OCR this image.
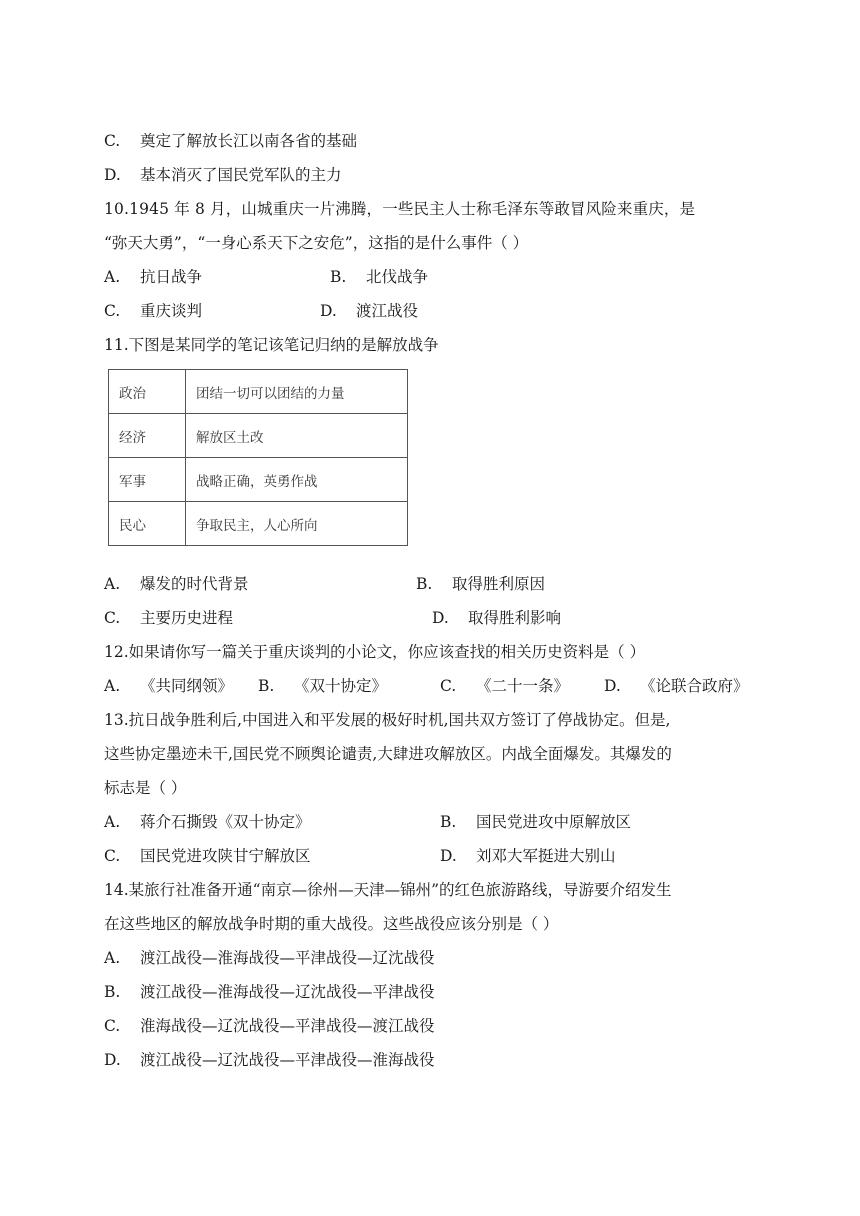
C. 奠定了解放长江以南各省的基础
D. 基本消灭了国民党军队的主力
10.1945 年 8 月，山城重庆一片沸腾，一些民主人士称毛泽东等敢冒风险来重庆，是
“弥天大勇”，“一身心系天下之安危”，这指的是什么事件（ ）
A. 抗日战争	B. 北伐战争
C. 重庆谈判	D. 渡江战役
11.下图是某同学的笔记该笔记归纳的是解放战争
政治	团结一切可以团结的力量
经济	解放区土改
军事	战略正确，英勇作战
民心	争取民主，人心所向
A. 爆发的时代背景	B. 取得胜利原因
C. 主要历史进程	D. 取得胜利影响
12.如果请你写一篇关于重庆谈判的小论文，你应该查找的相关历史资料是（ ）
A. 《共同纲领》 B. 《双十协定》	C. 《二十一条》 D. 《论联合政府》
13.抗日战争胜利后,中国进入和平发展的极好时机,国共双方签订了停战协定。但是,
这些协定墨迹未干,国民党不顾舆论谴责,大肆进攻解放区。内战全面爆发。其爆发的
标志是（ ）
A. 蒋介石撕毁《双十协定》	B. 国民党进攻中原解放区
C. 国民党进攻陕甘宁解放区	D. 刘邓大军挺进大别山
14.某旅行社准备开通“南京—徐州—天津—锦州”的红色旅游路线，导游要介绍发生
在这些地区的解放战争时期的重大战役。这些战役应该分别是（ ）
A. 渡江战役—淮海战役—平津战役—辽沈战役
B. 渡江战役—淮海战役—辽沈战役—平津战役
C. 淮海战役—辽沈战役—平津战役—渡江战役
D. 渡江战役—辽沈战役—平津战役—淮海战役
